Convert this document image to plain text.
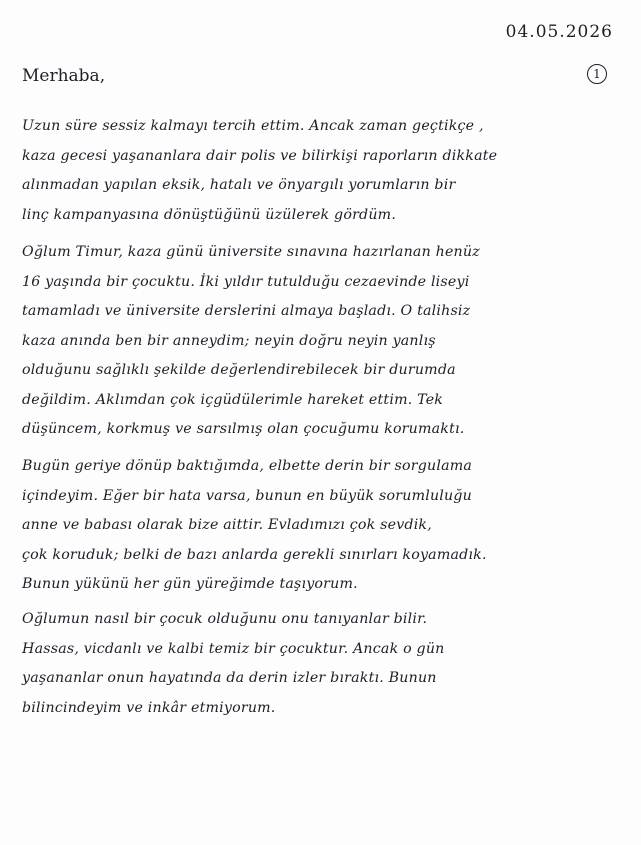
04.05.2026
1
Merhaba,
Uzun süre sessiz kalmayı tercih ettim. Ancak zaman geçtikçe ,
kaza gecesi yaşananlara dair polis ve bilirkişi raporların dikkate
alınmadan yapılan eksik, hatalı ve önyargılı yorumların bir
linç kampanyasına dönüştüğünü üzülerek gördüm.
Oğlum Timur, kaza günü üniversite sınavına hazırlanan henüz
16 yaşında bir çocuktu. İki yıldır tutulduğu cezaevinde liseyi
tamamladı ve üniversite derslerini almaya başladı. O talihsiz
kaza anında ben bir anneydim; neyin doğru neyin yanlış
olduğunu sağlıklı şekilde değerlendirebilecek bir durumda
değildim. Aklımdan çok içgüdülerimle hareket ettim. Tek
düşüncem, korkmuş ve sarsılmış olan çocuğumu korumaktı.
Bugün geriye dönüp baktığımda, elbette derin bir sorgulama
içindeyim. Eğer bir hata varsa, bunun en büyük sorumluluğu
anne ve babası olarak bize aittir. Evladımızı çok sevdik,
çok koruduk; belki de bazı anlarda gerekli sınırları koyamadık.
Bunun yükünü her gün yüreğimde taşıyorum.
Oğlumun nasıl bir çocuk olduğunu onu tanıyanlar bilir.
Hassas, vicdanlı ve kalbi temiz bir çocuktur. Ancak o gün
yaşananlar onun hayatında da derin izler bıraktı. Bunun
bilincindeyim ve inkâr etmiyorum.
